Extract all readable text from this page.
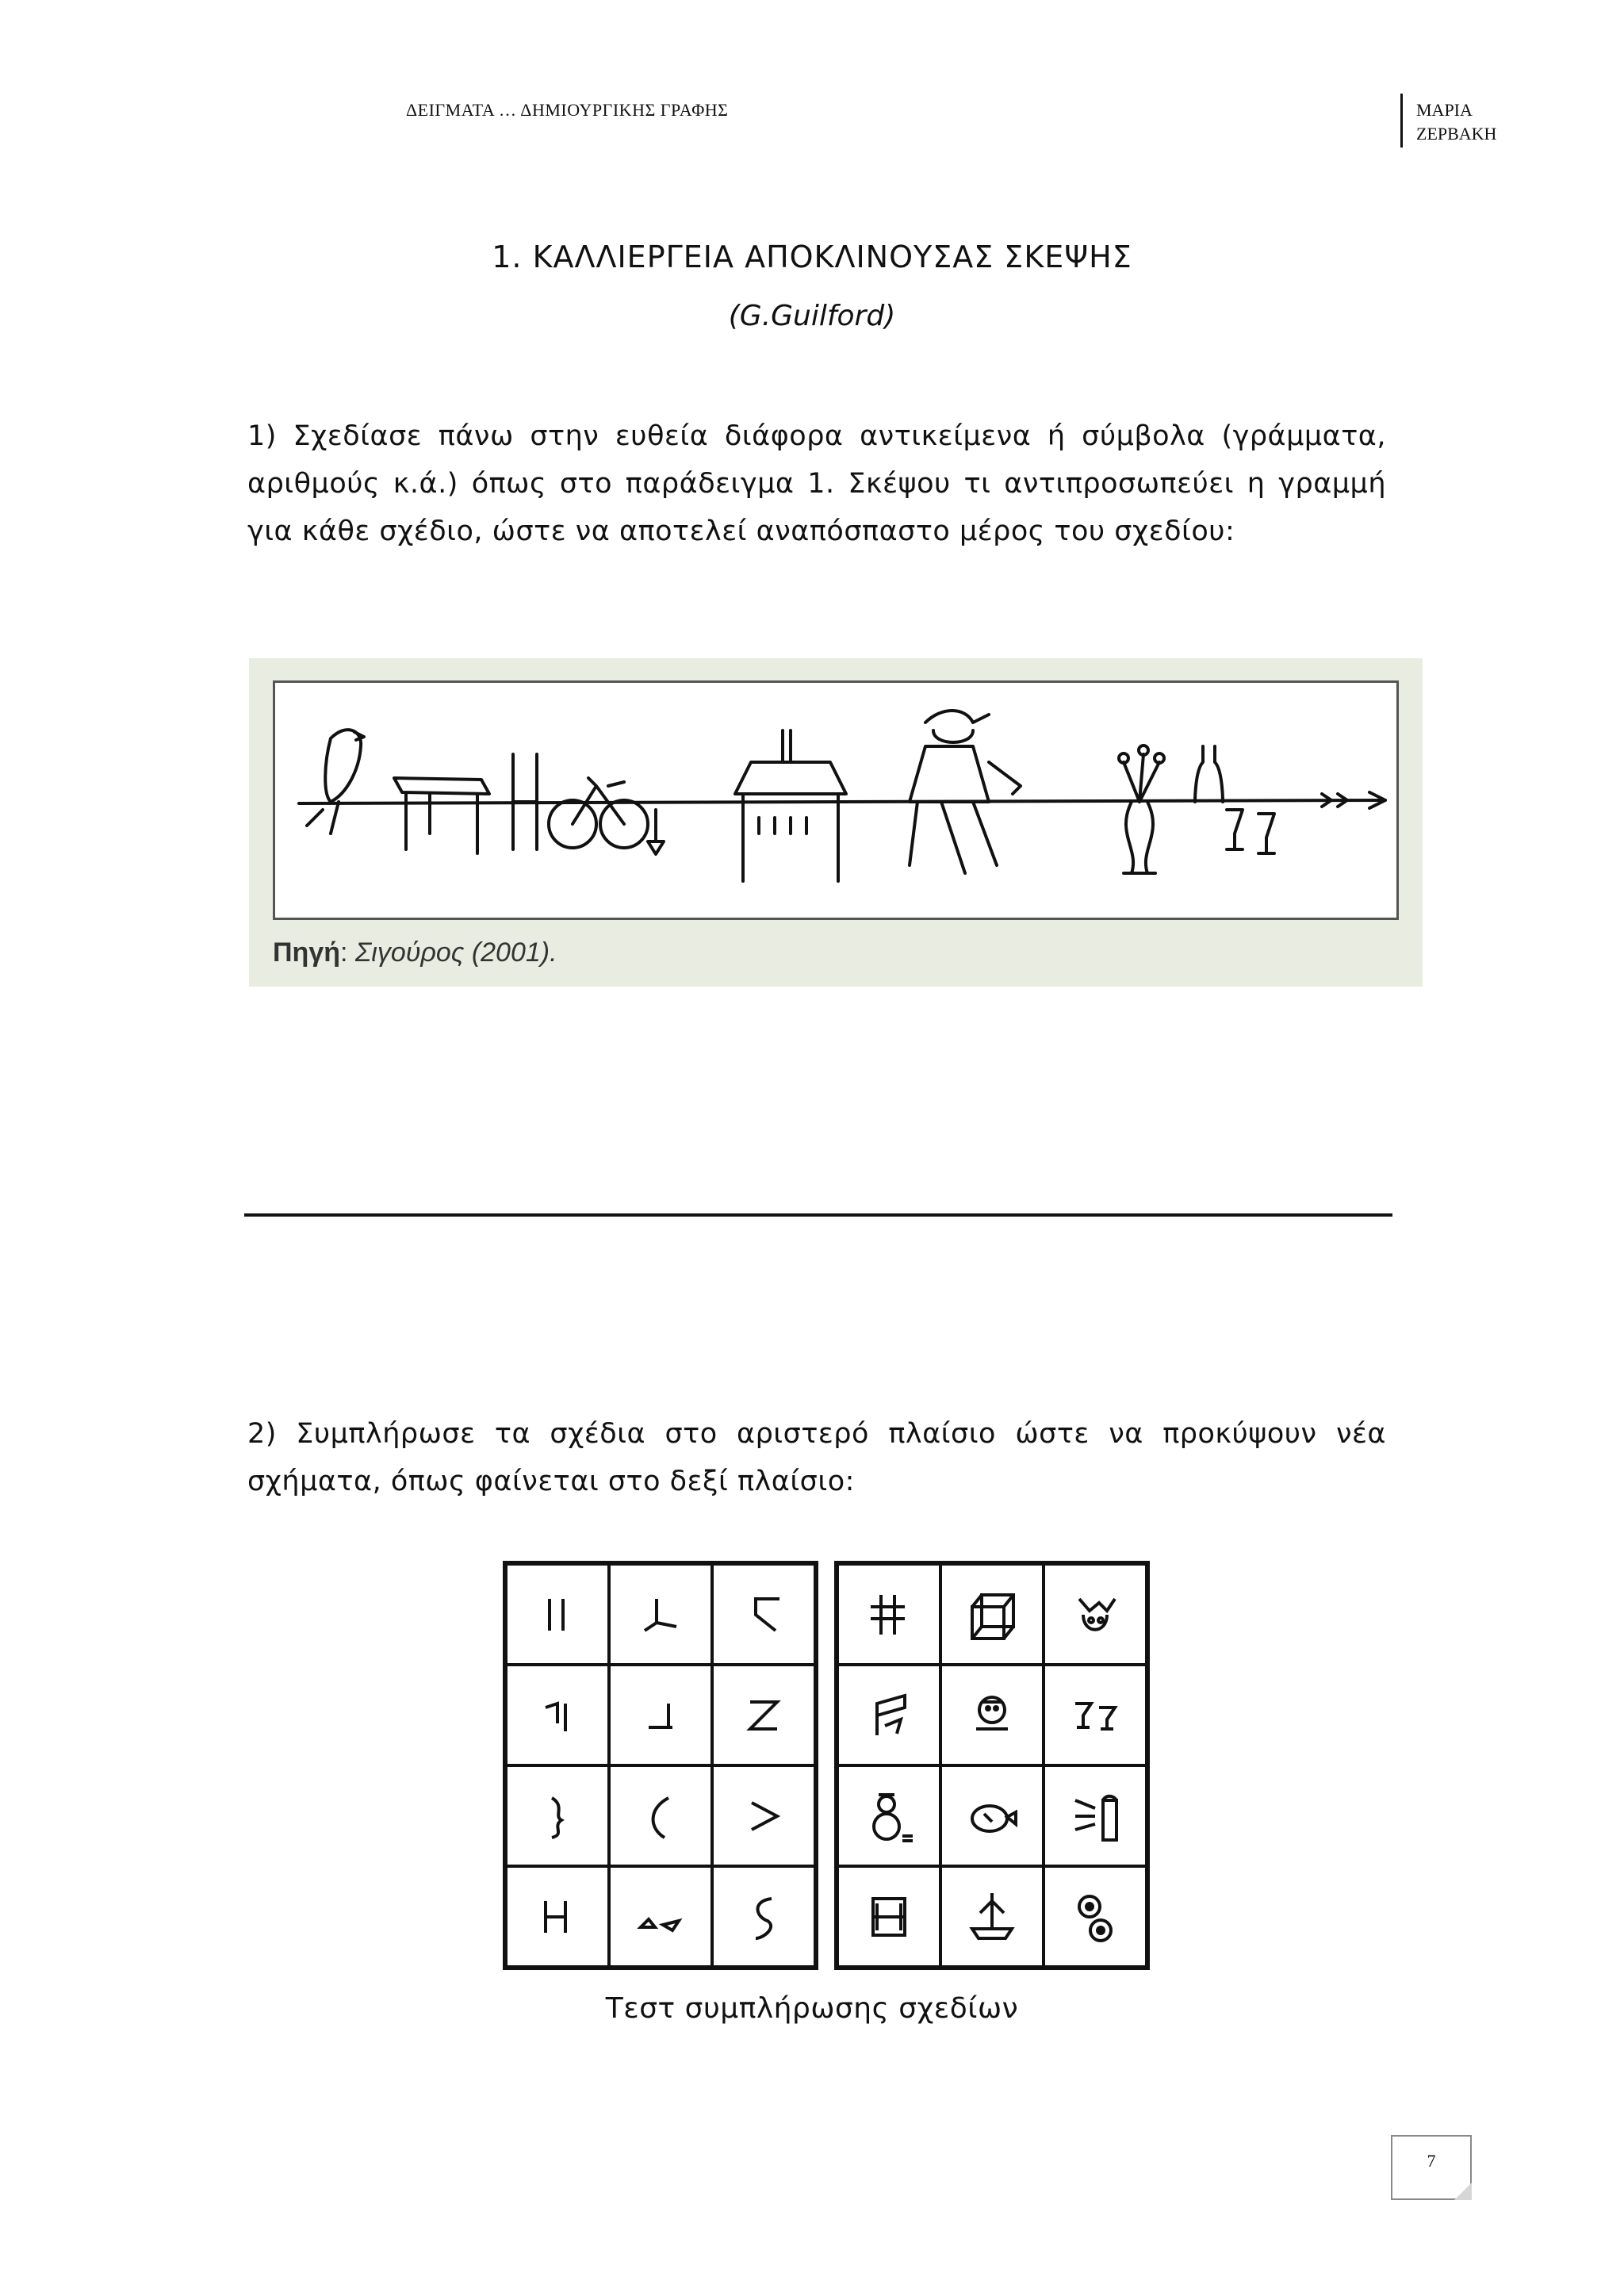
ΔΕΙΓΜΑΤΑ … ΔΗΜΙΟΥΡΓΙΚΗΣ ΓΡΑΦΗΣ	ΜΑΡΙΑ
ΖΕΡΒΑΚΗ
1. ΚΑΛΛΙΕΡΓΕΙΑ ΑΠΟΚΛΙΝΟΥΣΑΣ ΣΚΕΨΗΣ
(G.Guilford)
1) Σχεδίασε πάνω στην ευθεία διάφορα αντικείμενα ή σύμβολα (γράμματα, αριθμούς κ.ά.) όπως στο παράδειγμα 1. Σκέψου τι αντιπροσωπεύει η γραμμή για κάθε σχέδιο, ώστε να αποτελεί αναπόσπαστο μέρος του σχεδίου:
Πηγή: Σιγούρος (2001).
2) Συμπλήρωσε τα σχέδια στο αριστερό πλαίσιο ώστε να προκύψουν νέα σχήματα, όπως φαίνεται στο δεξί πλαίσιο:
Τεστ συμπλήρωσης σχεδίων
7
